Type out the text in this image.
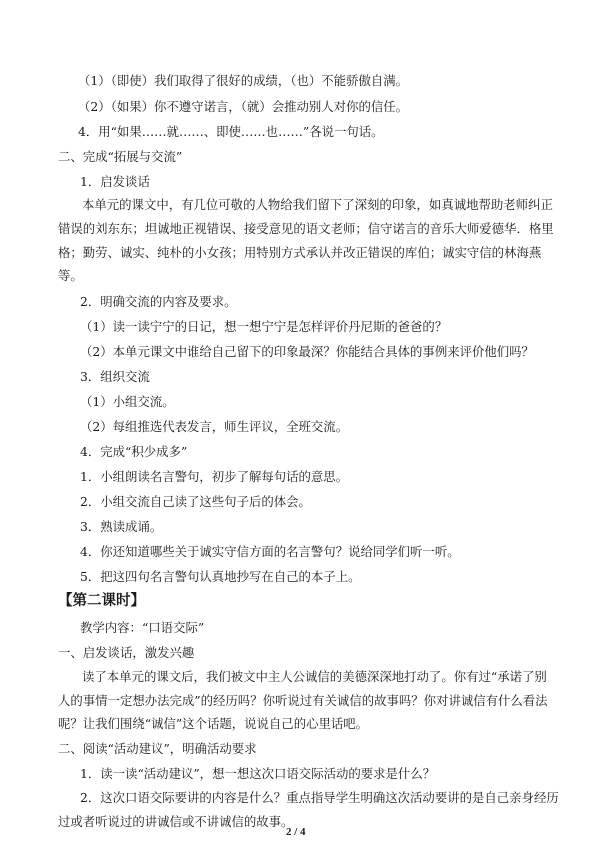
（1）（即使）我们取得了很好的成绩，（也）不能骄傲自满。
（2）（如果）你不遵守诺言，（就）会推动别人对你的信任。
4．用“如果……就……、即使……也……”各说一句话。
二、完成“拓展与交流”
1．启发谈话
本单元的课文中，有几位可敬的人物给我们留下了深刻的印象，如真诚地帮助老师纠正
错误的刘东东；坦诚地正视错误、接受意见的语文老师；信守诺言的音乐大师爱德华．格里
格；勤劳、诚实、纯朴的小女孩；用特别方式承认并改正错误的库伯；诚实守信的林海燕
等。
2．明确交流的内容及要求。
（1）读一读宁宁的日记，想一想宁宁是怎样评价丹尼斯的爸爸的？
（2）本单元课文中谁给自己留下的印象最深？你能结合具体的事例来评价他们吗？
3．组织交流
（1）小组交流。
（2）每组推选代表发言，师生评议，全班交流。
4．完成“积少成多”
1．小组朗读名言警句，初步了解每句话的意思。
2．小组交流自己读了这些句子后的体会。
3．熟读成诵。
4．你还知道哪些关于诚实守信方面的名言警句？说给同学们听一听。
5．把这四句名言警句认真地抄写在自己的本子上。
【第二课时】
教学内容：“口语交际”
一、启发谈话，激发兴趣
读了本单元的课文后，我们被文中主人公诚信的美德深深地打动了。你有过“承诺了别
人的事情一定想办法完成”的经历吗？你听说过有关诚信的故事吗？你对讲诚信有什么看法
呢？让我们围绕“诚信”这个话题，说说自己的心里话吧。
二、阅读“活动建议”，明确活动要求
1．读一读“活动建议”，想一想这次口语交际活动的要求是什么？
2．这次口语交际要讲的内容是什么？重点指导学生明确这次活动要讲的是自己亲身经历
过或者听说过的讲诚信或不讲诚信的故事。
2 / 4
